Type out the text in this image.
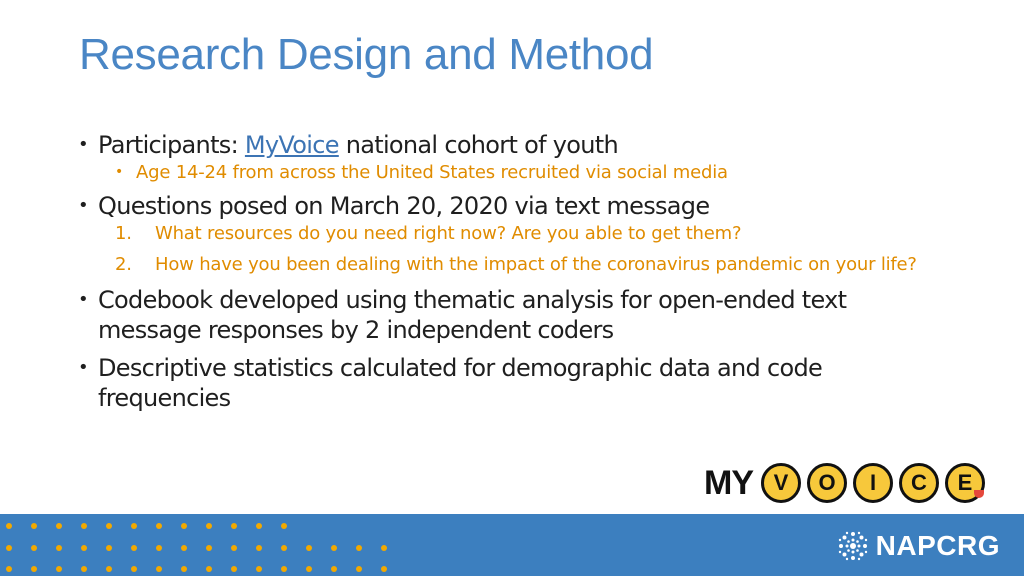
Research Design and Method
• Participants: MyVoice national cohort of youth
• Age 14-24 from across the United States recruited via social media
• Questions posed on March 20, 2020 via text message
1. What resources do you need right now? Are you able to get them?
2. How have you been dealing with the impact of the coronavirus pandemic on your life?
• Codebook developed using thematic analysis for open-ended text message responses by 2 independent coders
• Descriptive statistics calculated for demographic data and code frequencies
MY V O I C E
NAPCRG
